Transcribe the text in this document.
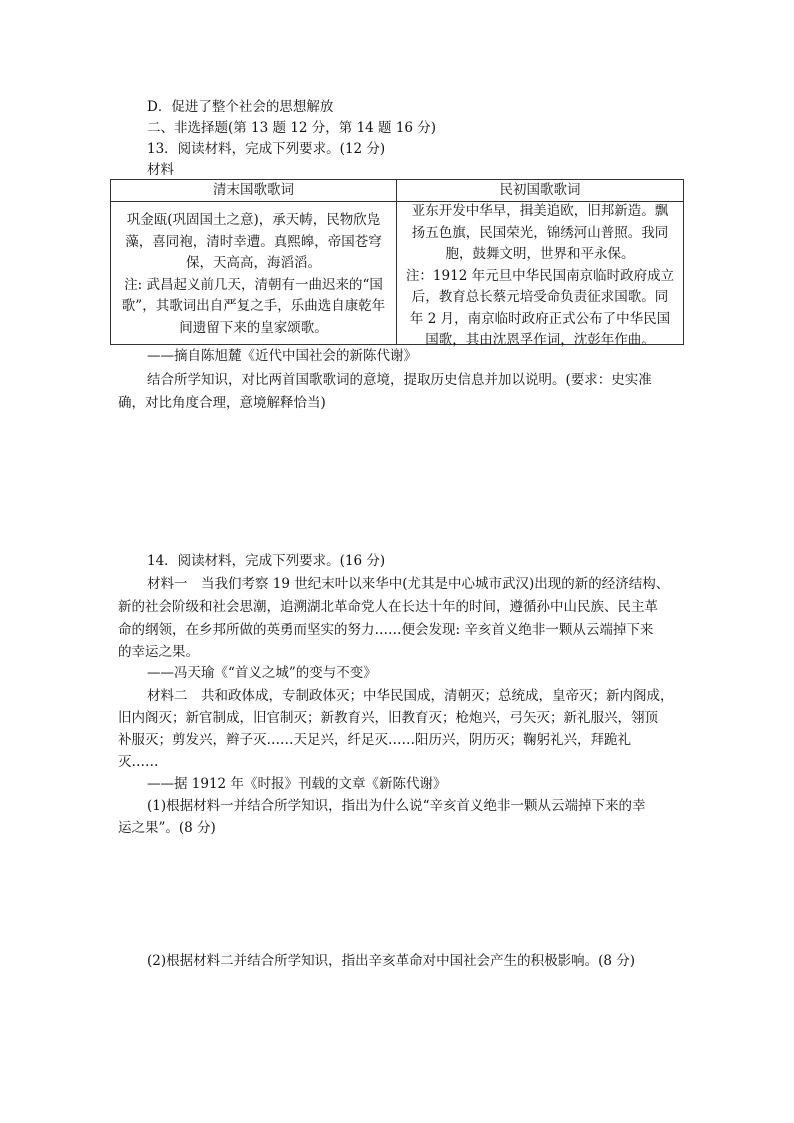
D．促进了整个社会的思想解放
二、非选择题(第 13 题 12 分，第 14 题 16 分)
13．阅读材料，完成下列要求。(12 分)
材料
清末国歌歌词	民初国歌歌词
巩金瓯(巩固国土之意)，承天帱，民物欣凫
藻，喜同袍，清时幸遭。真熙皞，帝国苍穹
保，天高高，海滔滔。
注: 武昌起义前几天，清朝有一曲迟来的“国
歌”，其歌词出自严复之手，乐曲选自康乾年
间遗留下来的皇家颂歌。
亚东开发中华早，揖美追欧，旧邦新造。飘
扬五色旗，民国荣光，锦绣河山普照。我同
胞，鼓舞文明，世界和平永保。
注：1912 年元旦中华民国南京临时政府成立
后，教育总长蔡元培受命负责征求国歌。同
年 2 月，南京临时政府正式公布了中华民国
国歌，其由沈恩孚作词，沈彭年作曲。
——摘自陈旭麓《近代中国社会的新陈代谢》
结合所学知识，对比两首国歌歌词的意境，提取历史信息并加以说明。(要求：史实准
确，对比角度合理，意境解释恰当)
14．阅读材料，完成下列要求。(16 分)
材料一　当我们考察 19 世纪末叶以来华中(尤其是中心城市武汉)出现的新的经济结构、
新的社会阶级和社会思潮，追溯湖北革命党人在长达十年的时间，遵循孙中山民族、民主革
命的纲领，在乡邦所做的英勇而坚实的努力……便会发现: 辛亥首义绝非一颗从云端掉下来
的幸运之果。
——冯天瑜《“首义之城”的变与不变》
材料二　共和政体成，专制政体灭；中华民国成，清朝灭；总统成，皇帝灭；新内阁成，
旧内阁灭；新官制成，旧官制灭；新教育兴，旧教育灭；枪炮兴，弓矢灭；新礼服兴，翎顶
补服灭；剪发兴，辫子灭……天足兴，纤足灭……阳历兴，阴历灭；鞠躬礼兴，拜跪礼
灭……
——据 1912 年《时报》刊载的文章《新陈代谢》
(1)根据材料一并结合所学知识，指出为什么说“辛亥首义绝非一颗从云端掉下来的幸
运之果”。(8 分)
(2)根据材料二并结合所学知识，指出辛亥革命对中国社会产生的积极影响。(8 分)
